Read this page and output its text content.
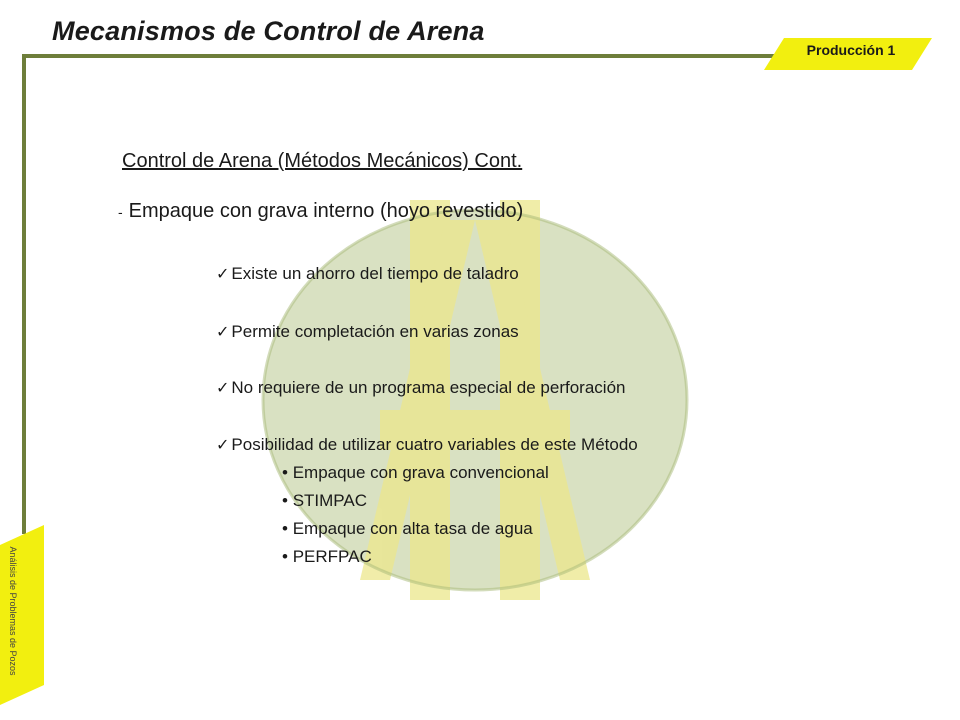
Mecanismos de Control de Arena
Producción 1
Análisis de Problemas de Pozos
Control de Arena (Métodos Mecánicos) Cont.
- Empaque con grava interno (hoyo revestido)
✓ Existe un ahorro del tiempo de taladro
✓ Permite completación en varias zonas
✓ No requiere de un programa especial de perforación
✓ Posibilidad de utilizar cuatro variables de este Método
• Empaque con grava convencional
• STIMPAC
• Empaque con alta tasa de agua
• PERFPAC
